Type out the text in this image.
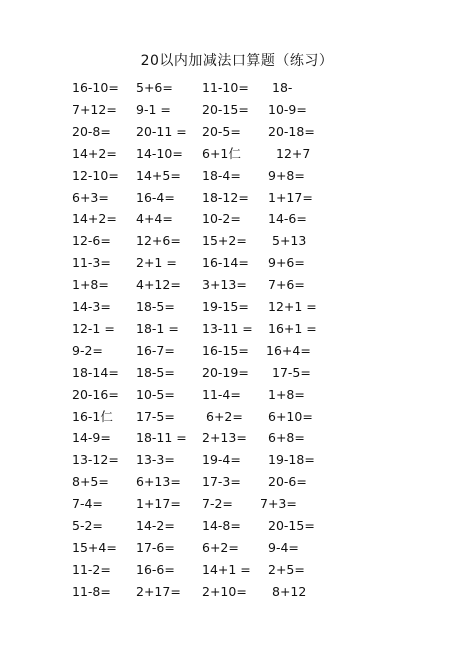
20以内加减法口算题（练习）
16-10= 5+6= 11-10= 18-
7+12= 9-1 = 20-15= 10-9=
20-8= 20-11 = 20-5= 20-18=
14+2= 14-10= 6+1仁	12+7
12-10= 14+5= 18-4= 9+8=
6+3= 16-4= 18-12= 1+17=
14+2= 4+4= 10-2= 14-6=
12-6= 12+6= 15+2= 5+13
11-3= 2+1 = 16-14= 9+6=
1+8= 4+12= 3+13= 7+6=
14-3= 18-5= 19-15= 12+1 =
12-1 = 18-1 = 13-11 = 16+1 =
9-2=	16-7= 16-15= 16+4=
18-14= 18-5= 20-19= 17-5=
20-16= 10-5= 11-4= 1+8=
16-1仁 17-5= 6+2= 6+10=
14-9= 18-11 = 2+13= 6+8=
13-12= 13-3= 19-4= 19-18=
8+5= 6+13= 17-3= 20-6=
7-4=	1+17= 7-2= 7+3=
5-2=	14-2= 14-8= 20-15=
15+4= 17-6= 6+2= 9-4=
11-2= 16-6= 14+1 = 2+5=
11-8= 2+17= 2+10= 8+12
